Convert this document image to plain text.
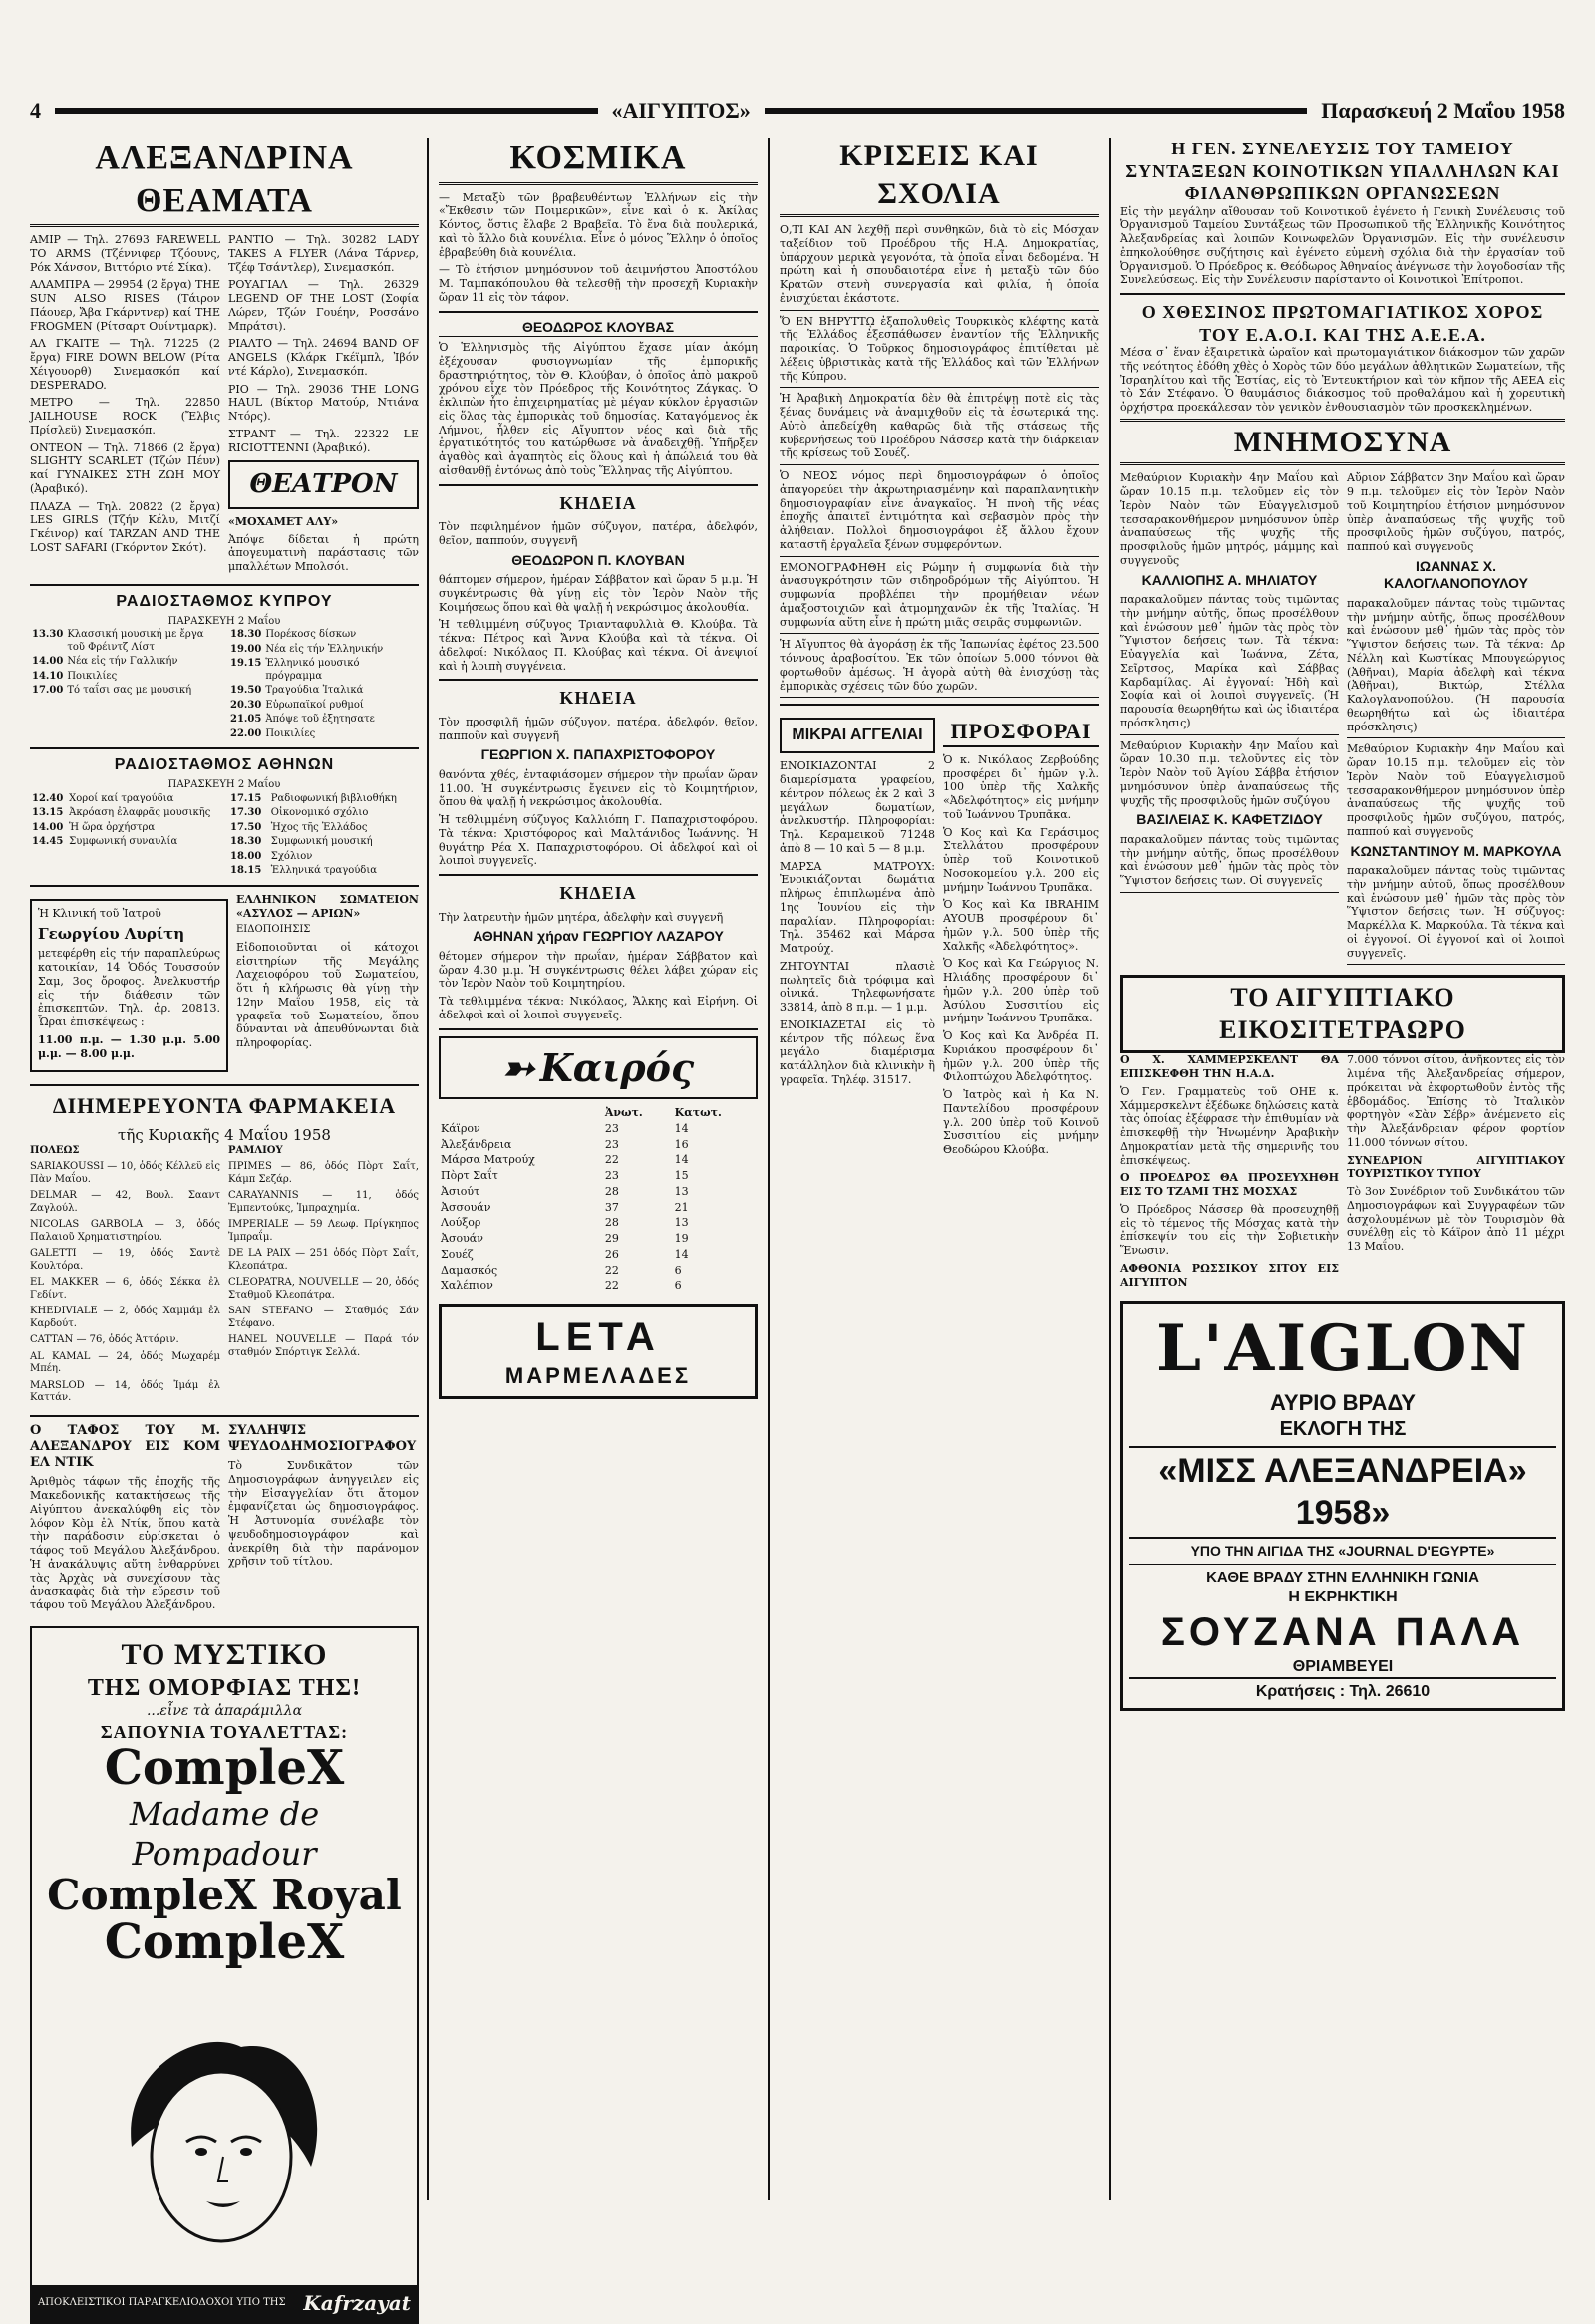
4	«ΑΙΓΥΠΤΟΣ»	Παρασκευή 2 Μαΐου 1958
ΑΛΕΞΑΝΔΡΙΝΑ ΘΕΑΜΑΤΑ

ΑΜΙΡ — Τηλ. 27693 FAREWELL TO ARMS (Τζέννιφερ Τζόουνς, Ρόκ Χάνσον, Βιττόριο ντέ Σίκα).

ΑΛΑΜΠΡΑ — 29954 (2 ἔργα) THE SUN ALSO RISES (Τάιρον Πάουερ, Ἄβα Γκάρντνερ) καί THE FROGMEN (Ρίτσαρτ Ουίντμαρκ).

ΑΛ ΓΚΑΙΤΕ — Τηλ. 71225 (2 ἔργα) FIRE DOWN BELOW (Ρίτα Χέιγουορθ) Σινεμασκόπ καί DESPERADO.

ΜΕΤΡΟ — Τηλ. 22850 JAILHOUSE ROCK (Ἔλβις Πρίσλεϋ) Σινεμασκόπ.

ΟΝΤΕΟΝ — Τηλ. 71866 (2 ἔργα) SLIGHTY SCARLET (Τζών Πέυν) καί ΓΥΝΑΙΚΕΣ ΣΤΗ ΖΩΗ ΜΟΥ (Ἀραβικό).

ΠΛΑΖΑ — Τηλ. 20822 (2 ἔργα) LES GIRLS (Τζήν Κέλυ, Μιτζί Γκέινορ) καί TARZAN AND THE LOST SAFARI (Γκόρντον Σκότ).

ΡΑΝΤΙΟ — Τηλ. 30282 LADY TAKES A FLYER (Λάνα Τάρνερ, Τζέφ Τσάντλερ), Σινεμασκόπ.

ΡΟΥΑΓΙΑΛ — Τηλ. 26329 LEGEND OF THE LOST (Σοφία Λώρεν, Τζών Γουέην, Ροσσάνο Μπράτσι).

ΡΙΑΛΤΟ — Τηλ. 24694 BAND OF ANGELS (Κλάρκ Γκέϊμπλ, Ἰβόν ντέ Κάρλο), Σινεμασκόπ.

ΡΙΟ — Τηλ. 29036 THE LONG HAUL (Βίκτορ Ματούρ, Ντιάνα Ντόρς).

ΣΤΡΑΝΤ — Τηλ. 22322 LE RICIOTTENNI (Ἀραβικό).

ΘΕΑΤΡΟΝ

«ΜΟΧΑΜΕΤ ΑΛΥ»

Ἀπόψε δίδεται ἡ πρώτη ἀπογευματινὴ παράστασις τῶν μπαλλέτων Μπολσόι.

ΡΑΔΙΟΣΤΑΘΜΟΣ ΚΥΠΡΟΥ
ΠΑΡΑΣΚΕΥΗ 2 Μαΐου
13.30	Κλασσική μουσική με ἔργα τοῦ Φρέιντζ Λίστ
14.00	Νέα εἰς τήν Γαλλικήν
14.10	Ποικιλίες
17.00	Τό ταΐσι σας με μουσική
18.30	Πορέκοσς δίσκων
19.00	Νέα εἰς τήν Ἑλληνικήν
19.15	Ἑλληνικό μουσικό πρόγραμμα
19.50	Τραγούδια Ἰταλικά
20.30	Εὐρωπαϊκοί ρυθμοί
21.05	Ἀπόψε τοῦ ἐξητησατε
22.00	Ποικιλίες
ΡΑΔΙΟΣΤΑΘΜΟΣ ΑΘΗΝΩΝ
ΠΑΡΑΣΚΕΥΗ 2 Μαΐου
12.40	Χοροί καί τραγούδια
13.15	Ἀκρόαση ἐλαφρᾶς μουσικῆς
14.00	Ἡ ὥρα ὀρχήστρα
14.45	Συμφωνική συναυλία
17.15	Ραδιοφωνική βιβλιοθήκη
17.30	Οἰκονομικό σχόλιο
17.50	Ἠχος τῆς Ἑλλάδος
18.30	Συμφωνική μουσική
18.00	Σχόλιον
18.15	Ἑλληνικά τραγούδια

Ἡ Κλινική τοῦ Ἰατροῦ

Γεωργίου Λυρίτη

μετεφέρθη εἰς τήν παραπλεύρως κατοικίαν, 14 Ὁδός Τουσσούν Σαμ, 3ος ὄροφος. Ἀνελκυστήρ εἰς τήν διάθεσιν τῶν ἐπισκεπτῶν. Τηλ. ἀρ. 20813. Ὧραι ἐπισκέψεως :

11.00 π.μ. — 1.30 μ.μ. 5.00 μ.μ. — 8.00 μ.μ.

ΕΛΛΗΝΙΚΟΝ ΣΩΜΑΤΕΙΟΝ «ΑΣΥΛΟΣ — ΑΡΙΩΝ»

ΕΙΔΟΠΟΙΗΣΙΣ

Εἰδοποιοῦνται οἱ κάτοχοι εἰσιτηρίων τῆς Μεγάλης Λαχειοφόρου τοῦ Σωματείου, ὅτι ἡ κλήρωσις θὰ γίνῃ τὴν 12ην Μαΐου 1958, εἰς τὰ γραφεῖα τοῦ Σωματείου, ὅπου δύνανται νὰ ἀπευθύνωνται διὰ πληροφορίας.

ΔΙΗΜΕΡΕΥΟΝΤΑ ΦΑΡΜΑΚΕΙΑ
τῆς Κυριακῆς 4 Μαΐου 1958

ΠΟΛΕΩΣ

SARIAKOUSSI — 10, ὁδός Κέλλεϋ εἰς Πὰν Μαΐου.

DELMAR — 42, Βουλ. Σααντ Ζαγλούλ.

NICOLAS GARBOLA — 3, ὁδός Παλαιοῦ Χρηματιστηρίου.

GALETTI — 19, ὁδός Σαντὲ Κουλτόρα.

EL MAKKER — 6, ὁδός Σέκκα ἐλ Γεδίντ.

KHEDIVIALE — 2, ὁδός Χαμμάμ ἐλ Καρδούτ.

CATTAN — 76, ὁδός Ἀττάριν.

AL KAMAL — 24, ὁδός Μωχαρέμ Μπέη.

MARSLOD — 14, ὁδός Ἰμάμ ἐλ Καττάν.

ΡΑΜΛΙΟΥ

ΠΡΙΜΕS — 86, ὁδός Πὸρτ Σαΐτ, Κάμπ Σεζάρ.

CARAYANNIS — 11, ὁδός Ἐμπεντούκς, Ἰμπραχημία.

IMPERIALE — 59 Λεωφ. Πρίγκηπος Ἰμπραΐμ.

DE LA PAIX — 251 ὁδός Πὸρτ Σαΐτ, Κλεοπάτρα.

CLEOPATRA, NOUVELLE — 20, ὁδός Σταθμοῦ Κλεοπάτρα.

SAN STEFANO — Σταθμός Σάν Στέφανο.

HANEL NOUVELLE — Παρά τόν σταθμόν Σπόρτιγκ Σελλά.

Ο ΤΑΦΟΣ ΤΟΥ Μ. ΑΛΕΞΑΝΔΡΟΥ ΕΙΣ ΚΟΜ ΕΛ ΝΤΙΚ

Ἀριθμὸς τάφων τῆς ἐποχῆς τῆς Μακεδονικῆς κατακτήσεως τῆς Αἰγύπτου ἀνεκαλύφθη εἰς τὸν λόφον Κὸμ ἐλ Ντίκ, ὅπου κατὰ τὴν παράδοσιν εὑρίσκεται ὁ τάφος τοῦ Μεγάλου Ἀλεξάνδρου. Ἡ ἀνακάλυψις αὕτη ἐνθαρρύνει τὰς Ἀρχὰς νὰ συνεχίσουν τὰς ἀνασκαφὰς διὰ τὴν εὕρεσιν τοῦ τάφου τοῦ Μεγάλου Ἀλεξάνδρου.

ΣΥΛΛΗΨΙΣ ΨΕΥΔΟΔΗΜΟΣΙΟΓΡΑΦΟΥ

Τὸ Συνδικᾶτον τῶν Δημοσιογράφων ἀνηγγειλεν εἰς τὴν Εἰσαγγελίαν ὅτι ἄτομον ἐμφανίζεται ὡς δημοσιογράφος. Ἡ Ἀστυνομία συνέλαβε τὸν ψευδοδημοσιογράφον καὶ ἀνεκρίθη διὰ τὴν παράνομον χρῆσιν τοῦ τίτλου.

ΤΟ ΜΥΣΤΙΚΟ
ΤΗΣ ΟΜΟΡΦΙΑΣ ΤΗΣ!
...εἶνε τὰ ἀπαράμιλλα
ΣΑΠΟΥΝΙΑ ΤΟΥΑΛΕΤΤΑΣ:
CompleX
Madame de Pompadour
CompleX Royal
CompleX
ΑΠΟΚΛΕΙΣΤΙΚΟΙ ΠΑΡΑΓΚΕΛΙΟΔΟΧΟΙ ΥΠΟ ΤΗΣ Kafrzayat
ΚΟΣΜΙΚΑ

— Μεταξὺ τῶν βραβευθέντων Ἑλλήνων εἰς τὴν «Ἔκθεσιν τῶν Ποιμερικῶν», εἶνε καὶ ὁ κ. Ἀκίλας Κόντος, ὅστις ἔλαβε 2 Βραβεῖα. Τὸ ἕνα διὰ πουλερικά, καὶ τὸ ἄλλο διὰ κουνέλια. Εἶνε ὁ μόνος Ἕλλην ὁ ὁποῖος ἐβραβεύθη διὰ κουνέλια.

— Τὸ ἐτήσιον μνημόσυνον τοῦ ἀειμνήστου Ἀποστόλου Μ. Ταμπακόπουλου θὰ τελεσθῇ τὴν προσεχῆ Κυριακὴν ὥραν 11 εἰς τὸν τάφον.

ΘΕΟΔΩΡΟΣ ΚΛΟΥΒΑΣ

Ὁ Ἑλληνισμὸς τῆς Αἰγύπτου ἔχασε μίαν ἀκόμη ἐξέχουσαν φυσιογνωμίαν τῆς ἐμπορικῆς δραστηριότητος, τὸν Θ. Κλούβαν, ὁ ὁποῖος ἀπὸ μακροῦ χρόνου εἶχε τὸν Πρόεδρος τῆς Κοινότητος Ζάγκας. Ὁ ἐκλιπὼν ἦτο ἐπιχειρηματίας μὲ μέγαν κύκλον ἐργασιῶν εἰς ὅλας τὰς ἐμπορικὰς τοῦ δημοσίας. Καταγόμενος ἐκ Λήμνου, ἦλθεν εἰς Αἴγυπτον νέος καὶ διὰ τῆς ἐργατικότητός του κατώρθωσε νὰ ἀναδειχθῇ. Ὑπῆρξεν ἀγαθὸς καὶ ἀγαπητὸς εἰς ὅλους καὶ ἡ ἀπώλειά του θὰ αἰσθανθῇ ἐντόνως ἀπὸ τοὺς Ἕλληνας τῆς Αἰγύπτου.

ΚΗΔΕΙΑ

Τὸν πεφιλημένον ἡμῶν σύζυγον, πατέρα, ἀδελφόν, θεῖον, παππούν, συγγενῆ

ΘΕΟΔΩΡΟΝ Π. ΚΛΟΥΒΑΝ

θάπτομεν σήμερον, ἡμέραν Σάββατον καὶ ὥραν 5 μ.μ. Ἡ συγκέντρωσις θὰ γίνῃ εἰς τὸν Ἱερὸν Ναὸν τῆς Κοιμήσεως ὅπου καὶ θὰ ψαλῇ ἡ νεκρώσιμος ἀκολουθία.

Ἡ τεθλιμμένη σύζυγος Τριανταφυλλιὰ Θ. Κλούβα. Τὰ τέκνα: Πέτρος καὶ Ἄννα Κλούβα καὶ τὰ τέκνα. Οἱ ἀδελφοί: Νικόλαος Π. Κλούβας καὶ τέκνα. Οἱ ἀνεψιοί καὶ ἡ λοιπὴ συγγένεια.

ΚΗΔΕΙΑ

Τὸν προσφιλῆ ἡμῶν σύζυγον, πατέρα, ἀδελφόν, θεῖον, παπποῦν καὶ συγγενῆ

ΓΕΩΡΓΙΟΝ Χ. ΠΑΠΑΧΡΙΣΤΟΦΟΡΟΥ

θανόντα χθές, ἐνταφιάσομεν σήμερον τὴν πρωΐαν ὥραν 11.00. Ἡ συγκέντρωσις ἔγεινεν εἰς τὸ Κοιμητήριον, ὅπου θὰ ψαλῇ ἡ νεκρώσιμος ἀκολουθία.

Ἡ τεθλιμμένη σύζυγος Καλλιόπη Γ. Παπαχριστοφόρου. Τὰ τέκνα: Χριστόφορος καὶ Μαλτάνιδος Ἰωάννης. Ἡ θυγάτηρ Ρέα Χ. Παπαχριστοφόρου. Οἱ ἀδελφοί καὶ οἱ λοιποὶ συγγενεῖς.

ΚΗΔΕΙΑ

Τὴν λατρευτὴν ἡμῶν μητέρα, ἀδελφὴν καὶ συγγενῆ

ΑΘΗΝΑΝ χήραν ΓΕΩΡΓΙΟΥ ΛΑΖΑΡΟΥ

θέτομεν σήμερον τὴν πρωΐαν, ἡμέραν Σάββατον καὶ ὥραν 4.30 μ.μ. Ἡ συγκέντρωσις θέλει λάβει χώραν εἰς τὸν Ἱερὸν Ναὸν τοῦ Κοιμητηρίου.

Τὰ τεθλιμμένα τέκνα: Νικόλαος, Ἄλκης καὶ Εἰρήνη. Οἱ ἀδελφοὶ καὶ οἱ λοιποὶ συγγενεῖς.

➳ Καιρός
	Ἀνωτ.	Κατωτ.
Κάϊρον	23	14
Ἀλεξάνδρεια	23	16
Μάρσα Ματρούχ	22	14
Πὸρτ Σαΐτ	23	15
Ἀσιούτ	28	13
Ἀσσουάν	37	21
Λούξορ	28	13
Ἀσουάν	29	19
Σουέζ	26	14
Δαμασκός	22	6
Χαλέπιον	22	6
LETA
ΜΑΡΜΕΛΑΔΕΣ
ΚΡΙΣΕΙΣ ΚΑΙ ΣΧΟΛΙΑ

Ο,ΤΙ ΚΑΙ ΑΝ λεχθῇ περὶ συνθηκῶν, διὰ τὸ εἰς Μόσχαν ταξείδιον τοῦ Προέδρου τῆς Η.Α. Δημοκρατίας, ὑπάρχουν μερικὰ γεγονότα, τὰ ὁποῖα εἶναι δεδομένα. Ἡ πρώτη καὶ ἡ σπουδαιοτέρα εἶνε ἡ μεταξὺ τῶν δύο Κρατῶν στενὴ συνεργασία καὶ φιλία, ἡ ὁποία ἐνισχύεται ἐκάστοτε.

Ὅ ΕΝ ΒΗΡΥΤΤῼ ἐξαπολυθεὶς Τουρκικὸς κλέφτης κατὰ τῆς Ἑλλάδος ἐξεσπάθωσεν ἐναντίον τῆς Ἑλληνικῆς παροικίας. Ὁ Τοῦρκος δημοσιογράφος ἐπιτίθεται μὲ λέξεις ὑβριστικὰς κατὰ τῆς Ἑλλάδος καὶ τῶν Ἑλλήνων τῆς Κύπρου.

Ἡ Ἀραβικὴ Δημοκρατία δὲν θὰ ἐπιτρέψῃ ποτὲ εἰς τὰς ξένας δυνάμεις νὰ ἀναμιχθοῦν εἰς τὰ ἐσωτερικά της. Αὐτὸ ἀπεδείχθη καθαρῶς διὰ τῆς στάσεως τῆς κυβερνήσεως τοῦ Προέδρου Νάσσερ κατὰ τὴν διάρκειαν τῆς κρίσεως τοῦ Σουέζ.

Ὁ ΝΕΟΣ νόμος περὶ δημοσιογράφων ὁ ὁποῖος ἀπαγορεύει τὴν ἀκρωτηριασμένην καὶ παραπλανητικὴν δημοσιογραφίαν εἶνε ἀναγκαῖος. Ἡ πνοὴ τῆς νέας ἐποχῆς ἀπαιτεῖ ἐντιμότητα καὶ σεβασμὸν πρὸς τὴν ἀλήθειαν. Πολλοὶ δημοσιογράφοι ἐξ ἄλλου ἔχουν καταστῆ ἐργαλεῖα ξένων συμφερόντων.

ΕΜΟΝΟΓΡΑΦΗΘΗ εἰς Ρώμην ἡ συμφωνία διὰ τὴν ἀνασυγκρότησιν τῶν σιδηροδρόμων τῆς Αἰγύπτου. Ἡ συμφωνία προβλέπει τὴν προμήθειαν νέων ἁμαξοστοιχιῶν καὶ ἀτμομηχανῶν ἐκ τῆς Ἰταλίας. Ἡ συμφωνία αὕτη εἶνε ἡ πρώτη μιᾶς σειρᾶς συμφωνιῶν.

Ἡ Αἴγυπτος θὰ ἀγοράσῃ ἐκ τῆς Ἰαπωνίας ἐφέτος 23.500 τόννους ἀραβοσίτου. Ἐκ τῶν ὁποίων 5.000 τόννοι θὰ φορτωθοῦν ἀμέσως. Ἡ ἀγορὰ αὐτὴ θὰ ἐνισχύσῃ τὰς ἐμπορικὰς σχέσεις τῶν δύο χωρῶν.

ΜΙΚΡΑΙ ΑΓΓΕΛΙΑΙ

ΕΝΟΙΚΙΑΖΟΝΤΑΙ 2 διαμερίσματα γραφείου, κέντρον πόλεως ἐκ 2 καὶ 3 μεγάλων δωματίων, ἀνελκυστήρ. Πληροφορίαι: Τηλ. Κεραμεικοῦ 71248 ἀπὸ 8 — 10 καὶ 5 — 8 μ.μ.

ΜΑΡΣΑ ΜΑΤΡΟΥΧ: Ἐνοικιάζονται δωμάτια πλήρως ἐπιπλωμένα ἀπὸ 1ης Ἰουνίου εἰς τὴν παραλίαν. Πληροφορίαι: Τηλ. 35462 καὶ Μάρσα Ματρούχ.

ΖΗΤΟΥΝΤΑΙ πλασιὲ πωλητεῖς διὰ τρόφιμα καὶ οἰνικά. Τηλεφωνήσατε 33814, ἀπὸ 8 π.μ. — 1 μ.μ.

ΕΝΟΙΚΙΑΖΕΤΑΙ εἰς τὸ κέντρον τῆς πόλεως ἕνα μεγάλο διαμέρισμα κατάλληλον διὰ κλινικὴν ἢ γραφεῖα. Τηλέφ. 31517.

ΠΡΟΣΦΟΡΑΙ

Ὁ κ. Νικόλαος Ζερβούδης προσφέρει δι᾽ ἡμῶν γ.λ. 100 ὑπὲρ τῆς Χαλκῆς «Ἀδελφότητος» εἰς μνήμην τοῦ Ἰωάννου Τρυπᾶκα.

Ὁ Κος καὶ Κα Γεράσιμος Στελλάτου προσφέρουν ὑπὲρ τοῦ Κοινοτικοῦ Νοσοκομείου γ.λ. 200 εἰς μνήμην Ἰωάννου Τρυπᾶκα.

Ὁ Κος καὶ Κα IBRAHIM AYOUB προσφέρουν δι᾽ ἡμῶν γ.λ. 500 ὑπὲρ τῆς Χαλκῆς «Ἀδελφότητος».

Ὁ Κος καὶ Κα Γεώργιος Ν. Ηλιάδης προσφέρουν δι᾽ ἡμῶν γ.λ. 200 ὑπὲρ τοῦ Ἀσύλου Συσσιτίου εἰς μνήμην Ἰωάννου Τρυπᾶκα.

Ὁ Κος καὶ Κα Ἀνδρέα Π. Κυριάκου προσφέρουν δι᾽ ἡμῶν γ.λ. 200 ὑπὲρ τῆς Φιλοπτώχου Ἀδελφότητος.

Ὁ Ἰατρὸς καὶ ἡ Κα Ν. Παντελίδου προσφέρουν γ.λ. 200 ὑπὲρ τοῦ Κοινοῦ Συσσιτίου εἰς μνήμην Θεοδώρου Κλούβα.

Η ΓΕΝ. ΣΥΝΕΛΕΥΣΙΣ ΤΟΥ ΤΑΜΕΙΟΥ ΣΥΝΤΑΞΕΩΝ ΚΟΙΝΟΤΙΚΩΝ ΥΠΑΛΛΗΛΩΝ ΚΑΙ ΦΙΛΑΝΘΡΩΠΙΚΩΝ ΟΡΓΑΝΩΣΕΩΝ

Εἰς τὴν μεγάλην αἴθουσαν τοῦ Κοινοτικοῦ ἐγένετο ἡ Γενικὴ Συνέλευσις τοῦ Ὀργανισμοῦ Ταμείου Συντάξεως τῶν Προσωπικοῦ τῆς Ἑλληνικῆς Κοινότητος Ἀλεξανδρείας καὶ λοιπῶν Κοινωφελῶν Ὀργανισμῶν. Εἰς τὴν συνέλευσιν ἐπηκολούθησε συζήτησις καὶ ἐγένετο εὐμενὴ σχόλια διὰ τὴν ἐργασίαν τοῦ Ὀργανισμοῦ. Ὁ Πρόεδρος κ. Θεόδωρος Ἀθηναίος ἀνέγνωσε τὴν λογοδοσίαν τῆς Συνελεύσεως. Εἰς τὴν Συνέλευσιν παρίσταντο οἱ Κοινοτικοὶ Ἐπίτροποι.

Ο ΧΘΕΣΙΝΟΣ ΠΡΩΤΟΜΑΓΙΑΤΙΚΟΣ ΧΟΡΟΣ ΤΟΥ Ε.Α.Ο.Ι. ΚΑΙ ΤΗΣ Α.Ε.Ε.Α.

Μέσα σ᾽ ἕναν ἐξαιρετικὰ ὡραῖον καὶ πρωτομαγιάτικον διάκοσμον τῶν χαρῶν τῆς νεότητος ἐδόθη χθὲς ὁ Χορὸς τῶν δύο μεγάλων ἀθλητικῶν Σωματείων, τῆς Ἰσραηλίτου καὶ τῆς Ἑστίας, εἰς τὸ Ἐντευκτήριον καὶ τὸν κῆπον τῆς ΑΕΕΑ εἰς τὸ Σάν Στέφανο. Ὁ θαυμάσιος διάκοσμος τοῦ προθαλάμου καὶ ἡ χορευτικὴ ὀρχήστρα προεκάλεσαν τὸν γενικὸν ἐνθουσιασμὸν τῶν προσκεκλημένων.

ΜΝΗΜΟΣΥΝΑ

Μεθαύριον Κυριακὴν 4ην Μαΐου καὶ ὥραν 10.15 π.μ. τελοῦμεν εἰς τὸν Ἱερὸν Ναὸν τῶν Εὐαγγελισμοῦ τεσσαρακονθήμερον μνημόσυνον ὑπὲρ ἀναπαύσεως τῆς ψυχῆς τῆς προσφιλοῦς ἡμῶν μητρός, μάμμης καὶ συγγενοῦς

ΚΑΛΛΙΟΠΗΣ Α. ΜΗΛΙΑΤΟΥ

παρακαλοῦμεν πάντας τοὺς τιμῶντας τὴν μνήμην αὐτῆς, ὅπως προσέλθουν καὶ ἑνώσουν μεθ᾽ ἡμῶν τὰς πρὸς τὸν Ὕψιστον δεήσεις των. Τὰ τέκνα: Εὐαγγελία καὶ Ἰωάννα, Ζέτα, Σεῖρτσος, Μαρίκα καὶ Σάββας Καρδαμίλας. Αἱ ἐγγοναί: Ἠδὴ καὶ Σοφία καὶ οἱ λοιποὶ συγγενεῖς. (Ἡ παρουσία θεωρηθήτω καὶ ὡς ἰδιαιτέρα πρόσκλησις)

Μεθαύριον Κυριακὴν 4ην Μαΐου καὶ ὥραν 10.30 π.μ. τελοῦντες εἰς τὸν Ἱερὸν Ναὸν τοῦ Ἁγίου Σάββα ἐτήσιον μνημόσυνον ὑπὲρ ἀναπαύσεως τῆς ψυχῆς τῆς προσφιλοῦς ἡμῶν συζύγου

ΒΑΣΙΛΕΙΑΣ Κ. ΚΑΦΕΤΖΙΔΟΥ

παρακαλοῦμεν πάντας τοὺς τιμῶντας τὴν μνήμην αὐτῆς, ὅπως προσέλθουν καὶ ἑνώσουν μεθ᾽ ἡμῶν τὰς πρὸς τὸν Ὕψιστον δεήσεις των. Οἱ συγγενεῖς

Αὔριον Σάββατον 3ην Μαΐου καὶ ὥραν 9 π.μ. τελοῦμεν εἰς τὸν Ἱερὸν Ναὸν τοῦ Κοιμητηρίου ἐτήσιον μνημόσυνον ὑπὲρ ἀναπαύσεως τῆς ψυχῆς τοῦ προσφιλοῦς ἡμῶν συζύγου, πατρός, παππού καὶ συγγενοῦς

ΙΩΑΝΝΑΣ Χ. ΚΑΛΟΓΛΑΝΟΠΟΥΛΟΥ

παρακαλοῦμεν πάντας τοὺς τιμῶντας τὴν μνήμην αὐτῆς, ὅπως προσέλθουν καὶ ἑνώσουν μεθ᾽ ἡμῶν τὰς πρὸς τὸν Ὕψιστον δεήσεις των. Τὰ τέκνα: Δρ Νέλλη καὶ Κωστίκας Μπουγεώργιος (Ἀθῆναι), Μαρία ἀδελφὴ καὶ τέκνα (Ἀθῆναι), Βικτώρ, Στέλλα Καλογλανοπούλου. (Ἡ παρουσία θεωρηθήτω καὶ ὡς ἰδιαιτέρα πρόσκλησις)

Μεθαύριον Κυριακὴν 4ην Μαΐου καὶ ὥραν 10.15 π.μ. τελοῦμεν εἰς τὸν Ἱερὸν Ναὸν τοῦ Εὐαγγελισμοῦ τεσσαρακονθήμερον μνημόσυνον ὑπὲρ ἀναπαύσεως τῆς ψυχῆς τοῦ προσφιλοῦς ἡμῶν συζύγου, πατρός, παππού καὶ συγγενοῦς

ΚΩΝΣΤΑΝΤΙΝΟΥ Μ. ΜΑΡΚΟΥΛΑ

παρακαλοῦμεν πάντας τοὺς τιμῶντας τὴν μνήμην αὐτοῦ, ὅπως προσέλθουν καὶ ἑνώσουν μεθ᾽ ἡμῶν τὰς πρὸς τὸν Ὕψιστον δεήσεις των. Ἡ σύζυγος: Μαρκέλλα Κ. Μαρκούλα. Τὰ τέκνα καὶ οἱ ἐγγονοί. Οἱ ἐγγονοί καὶ οἱ λοιποὶ συγγενεῖς.

ΤΟ ΑΙΓΥΠΤΙΑΚΟ ΕΙΚΟΣΙΤΕΤΡΑΩΡΟ

Ο Χ. ΧΑΜΜΕΡΣΚΕΛΝΤ ΘΑ ΕΠΙΣΚΕΦΘΗ ΤΗΝ Η.Α.Δ.

Ὁ Γεν. Γραμματεὺς τοῦ ΟΗΕ κ. Χάμμερσκελντ ἐξέδωκε δηλώσεις κατὰ τὰς ὁποίας ἐξέφρασε τὴν ἐπιθυμίαν νὰ ἐπισκεφθῇ τὴν Ἡνωμένην Ἀραβικὴν Δημοκρατίαν μετὰ τῆς σημερινῆς του ἐπισκέψεως.

Ο ΠΡΟΕΔΡΟΣ ΘΑ ΠΡΟΣΕΥΧΗΘΗ ΕΙΣ ΤΟ ΤΖΑΜΙ ΤΗΣ ΜΟΣΧΑΣ

Ὁ Πρόεδρος Νάσσερ θὰ προσευχηθῇ εἰς τὸ τέμενος τῆς Μόσχας κατὰ τὴν ἐπίσκεψίν του εἰς τὴν Σοβιετικὴν Ἕνωσιν.

ΑΦΘΟΝΙΑ ΡΩΣΣΙΚΟΥ ΣΙΤΟΥ ΕΙΣ ΑΙΓΥΠΤΟΝ

7.000 τόννοι σίτου, ἀνῆκοντες εἰς τὸν λιμένα τῆς Ἀλεξανδρείας σήμερον, πρόκειται νὰ ἐκφορτωθοῦν ἐντὸς τῆς ἑβδομάδος. Ἐπίσης τὸ Ἰταλικὸν φορτηγὸν «Σὰν Σέβρ» ἀνέμενετο εἰς τὴν Ἀλεξάνδρειαν φέρον φορτίον 11.000 τόννων σίτου.

ΣΥΝΕΔΡΙΟΝ ΑΙΓΥΠΤΙΑΚΟΥ ΤΟΥΡΙΣΤΙΚΟΥ ΤΥΠΟΥ

Τὸ 3ον Συνέδριον τοῦ Συνδικάτου τῶν Δημοσιογράφων καὶ Συγγραφέων τῶν ἀσχολουμένων μὲ τὸν Τουρισμὸν θὰ συνέλθῃ εἰς τὸ Κάϊρον ἀπὸ 11 μέχρι 13 Μαΐου.

L'AIGLON
ΑΥΡΙΟ ΒΡΑΔΥ
ΕΚΛΟΓΗ ΤΗΣ
«ΜΙΣΣ ΑΛΕΞΑΝΔΡΕΙΑ» 1958»
ΥΠΟ ΤΗΝ ΑΙΓΙΔΑ ΤΗΣ «JOURNAL D'EGYPTE»
ΚΑΘΕ ΒΡΑΔΥ ΣΤΗΝ ΕΛΛΗΝΙΚΗ ΓΩΝΙΑ
Η ΕΚΡΗΚΤΙΚΗ
ΣΟΥΖΑΝΑ ΠΑΛΑ
ΘΡΙΑΜΒΕΥΕΙ
Κρατήσεις : Τηλ. 26610
